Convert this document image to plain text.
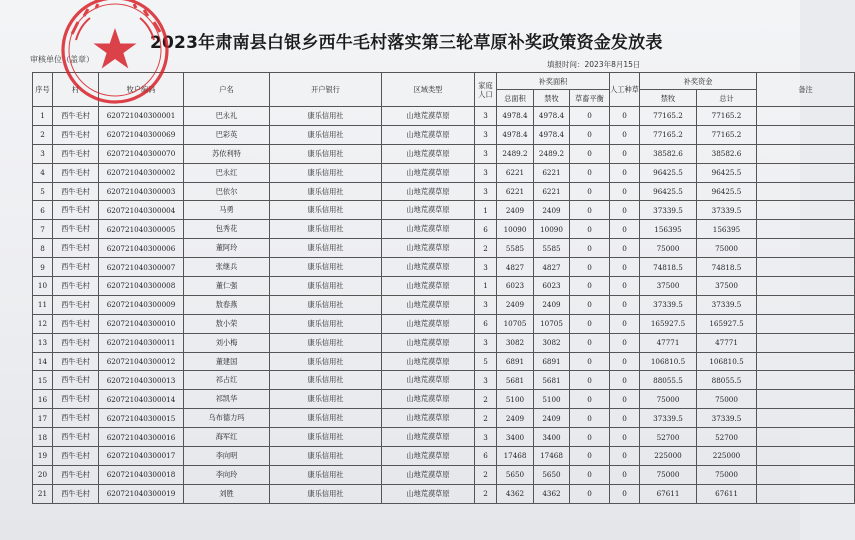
2023年肃南县白银乡西牛毛村落实第三轮草原补奖政策资金发放表
审核单位（盖章）
填报时间：2023年8月15日
序号	村	牧户编码	户名	开户银行	区域类型	家庭人口	补奖面积			人工种草	补奖资金		备注
							总面积	禁牧	草畜平衡		禁牧	总计	
1	西牛毛村	620721040300001	巴永礼	康乐信用社	山地荒漠草原	3	4978.4	4978.4	0	0	77165.2	77165.2	
2	西牛毛村	620721040300069	巴彩英	康乐信用社	山地荒漠草原	3	4978.4	4978.4	0	0	77165.2	77165.2	
3	西牛毛村	620721040300070	苏依利特	康乐信用社	山地荒漠草原	3	2489.2	2489.2	0	0	38582.6	38582.6	
4	西牛毛村	620721040300002	巴永红	康乐信用社	山地荒漠草原	3	6221	6221	0	0	96425.5	96425.5	
5	西牛毛村	620721040300003	巴依尔	康乐信用社	山地荒漠草原	3	6221	6221	0	0	96425.5	96425.5	
6	西牛毛村	620721040300004	马勇	康乐信用社	山地荒漠草原	1	2409	2409	0	0	37339.5	37339.5	
7	西牛毛村	620721040300005	包秀花	康乐信用社	山地荒漠草原	6	10090	10090	0	0	156395	156395	
8	西牛毛村	620721040300006	董阿玲	康乐信用社	山地荒漠草原	2	5585	5585	0	0	75000	75000	
9	西牛毛村	620721040300007	张继兵	康乐信用社	山地荒漠草原	3	4827	4827	0	0	74818.5	74818.5	
10	西牛毛村	620721040300008	董仁强	康乐信用社	山地荒漠草原	1	6023	6023	0	0	37500	37500	
11	西牛毛村	620721040300009	敖春燕	康乐信用社	山地荒漠草原	3	2409	2409	0	0	37339.5	37339.5	
12	西牛毛村	620721040300010	敖小荣	康乐信用社	山地荒漠草原	6	10705	10705	0	0	165927.5	165927.5	
13	西牛毛村	620721040300011	刘小梅	康乐信用社	山地荒漠草原	3	3082	3082	0	0	47771	47771	
14	西牛毛村	620721040300012	董建国	康乐信用社	山地荒漠草原	5	6891	6891	0	0	106810.5	106810.5	
15	西牛毛村	620721040300013	祁占红	康乐信用社	山地荒漠草原	3	5681	5681	0	0	88055.5	88055.5	
16	西牛毛村	620721040300014	祁凯华	康乐信用社	山地荒漠草原	2	5100	5100	0	0	75000	75000	
17	西牛毛村	620721040300015	乌布德力玛	康乐信用社	山地荒漠草原	2	2409	2409	0	0	37339.5	37339.5	
18	西牛毛村	620721040300016	海军红	康乐信用社	山地荒漠草原	3	3400	3400	0	0	52700	52700	
19	西牛毛村	620721040300017	李向明	康乐信用社	山地荒漠草原	6	17468	17468	0	0	225000	225000	
20	西牛毛村	620721040300018	李向玲	康乐信用社	山地荒漠草原	2	5650	5650	0	0	75000	75000	
21	西牛毛村	620721040300019	刘胜	康乐信用社	山地荒漠草原	2	4362	4362	0	0	67611	67611	
